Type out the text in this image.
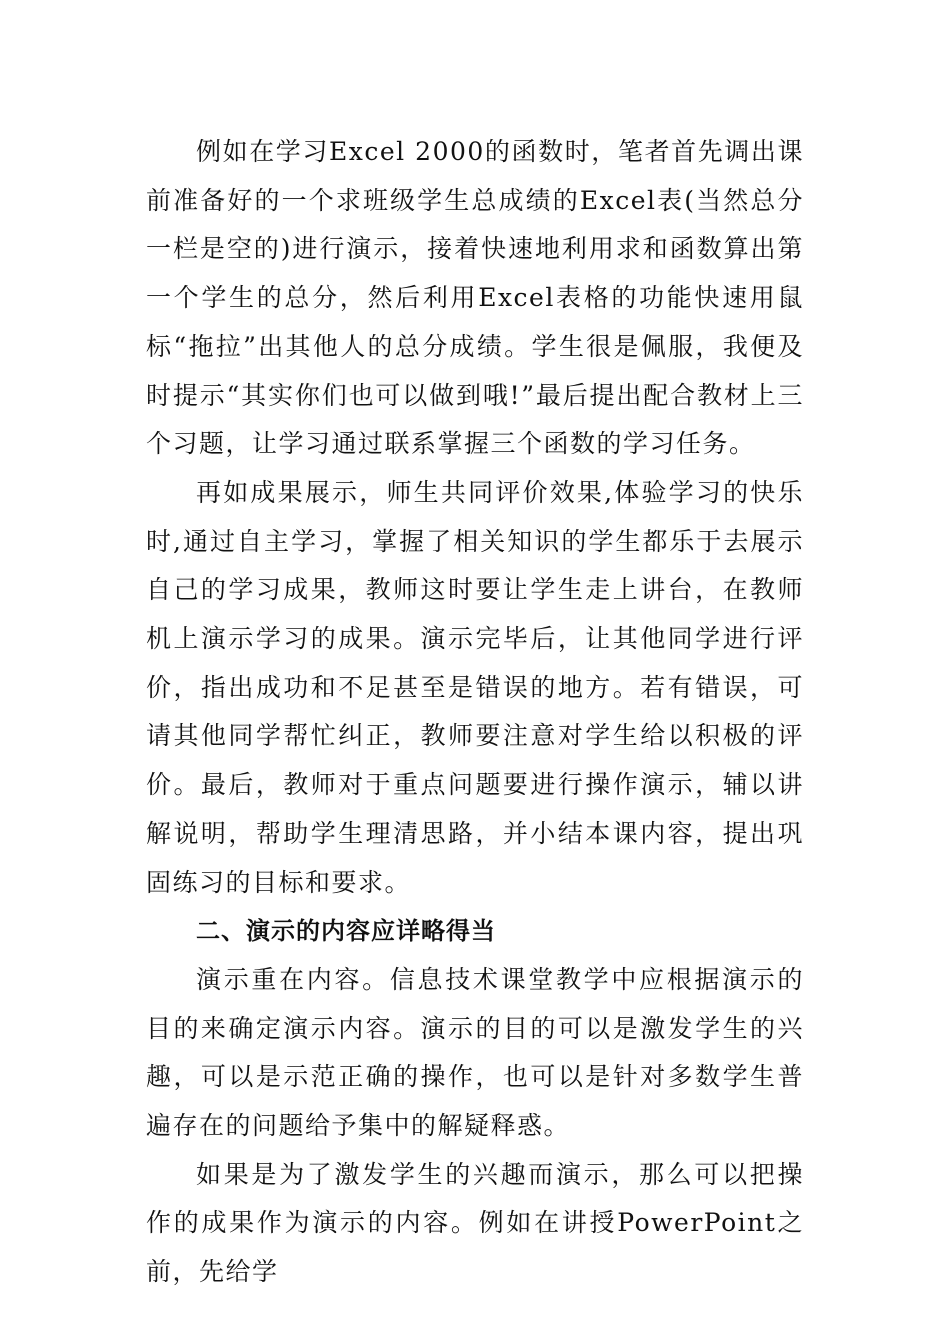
例如在学习Excel 2000的函数时，笔者首先调出课前准备好的一个求班级学生总成绩的Excel表(当然总分一栏是空的)进行演示，接着快速地利用求和函数算出第一个学生的总分，然后利用Excel表格的功能快速用鼠标“拖拉”出其他人的总分成绩。学生很是佩服，我便及时提示“其实你们也可以做到哦!”最后提出配合教材上三个习题，让学习通过联系掌握三个函数的学习任务。

再如成果展示，师生共同评价效果,体验学习的快乐时,通过自主学习，掌握了相关知识的学生都乐于去展示自己的学习成果，教师这时要让学生走上讲台，在教师机上演示学习的成果。演示完毕后，让其他同学进行评价，指出成功和不足甚至是错误的地方。若有错误，可请其他同学帮忙纠正，教师要注意对学生给以积极的评价。最后，教师对于重点问题要进行操作演示，辅以讲解说明，帮助学生理清思路，并小结本课内容，提出巩固练习的目标和要求。

二、演示的内容应详略得当

演示重在内容。信息技术课堂教学中应根据演示的目的来确定演示内容。演示的目的可以是激发学生的兴趣，可以是示范正确的操作，也可以是针对多数学生普遍存在的问题给予集中的解疑释惑。

如果是为了激发学生的兴趣而演示，那么可以把操作的成果作为演示的内容。例如在讲授PowerPoint之前，先给学
